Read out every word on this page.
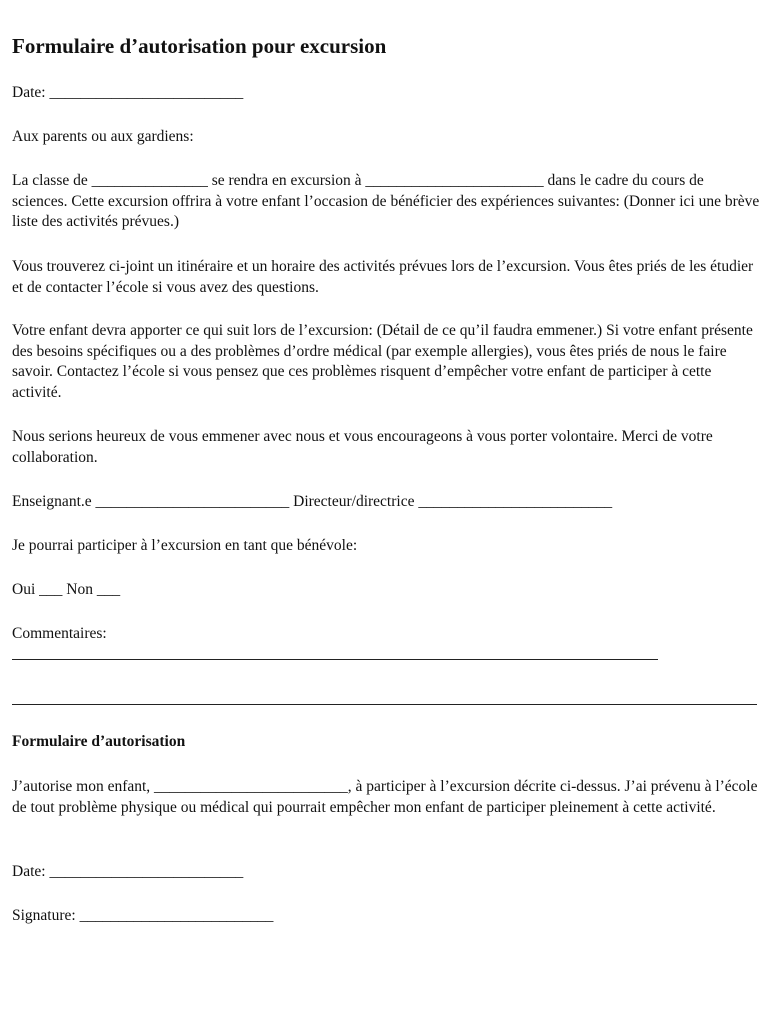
Formulaire d’autorisation pour excursion

Date: _________________________

Aux parents ou aux gardiens:

La classe de _______________ se rendra en excursion à _______________________ dans le cadre du cours de sciences. Cette excursion offrira à votre enfant l’occasion de bénéficier des expériences suivantes: (Donner ici une brève liste des activités prévues.)

Vous trouverez ci-joint un itinéraire et un horaire des activités prévues lors de l’excursion. Vous êtes priés de les étudier et de contacter l’école si vous avez des questions.

Votre enfant devra apporter ce qui suit lors de l’excursion: (Détail de ce qu’il faudra emmener.) Si votre enfant présente des besoins spécifiques ou a des problèmes d’ordre médical (par exemple allergies), vous êtes priés de nous le faire savoir. Contactez l’école si vous pensez que ces problèmes risquent d’empêcher votre enfant de participer à cette activité.

Nous serions heureux de vous emmener avec nous et vous encourageons à vous porter volontaire. Merci de votre collaboration.

Enseignant.e _________________________ Directeur/directrice _________________________

Je pourrai participer à l’excursion en tant que bénévole:

Oui ___ Non ___

Commentaires:

Formulaire d’autorisation

J’autorise mon enfant, _________________________, à participer à l’excursion décrite ci-dessus. J’ai prévenu à l’école de tout problème physique ou médical qui pourrait empêcher mon enfant de participer pleinement à cette activité.

Date: _________________________

Signature: _________________________
